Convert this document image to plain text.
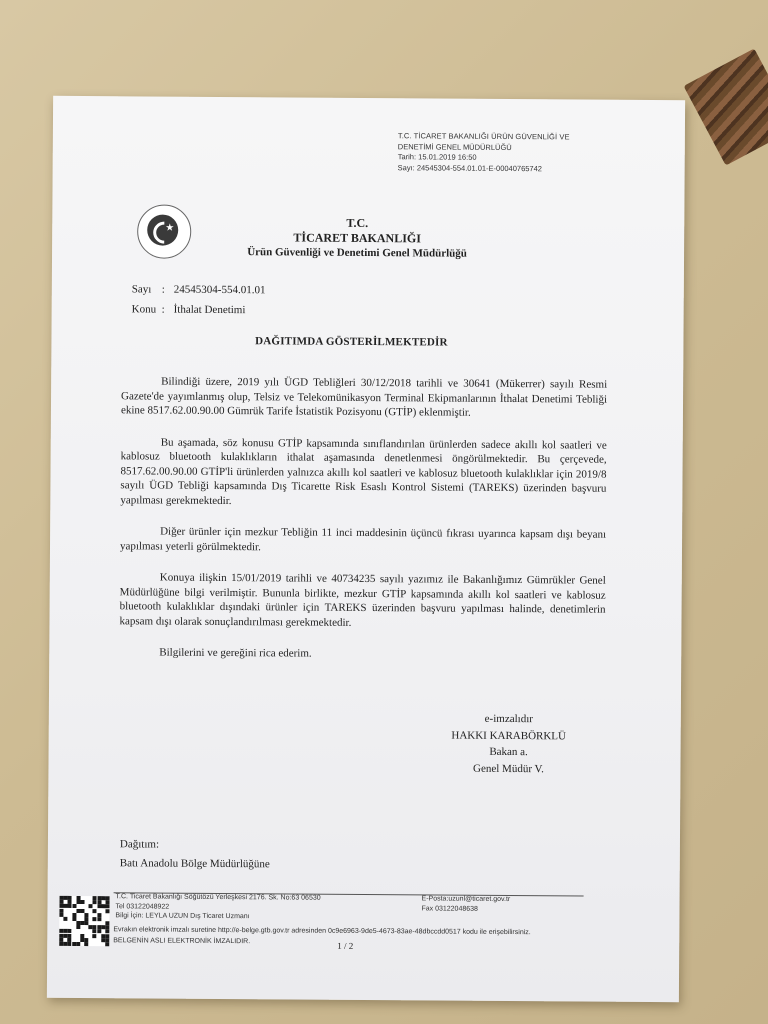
T.C. TİCARET BAKANLIĞI ÜRÜN GÜVENLİĞİ VE
DENETİMİ GENEL MÜDÜRLÜĞÜ
Tarih: 15.01.2019 16:50
Sayı: 24545304-554.01.01-E-00040765742
★	T.C.
TİCARET BAKANLIĞI
Ürün Güvenliği ve Denetimi Genel Müdürlüğü
Sayı : 24545304-554.01.01
Konu : İthalat Denetimi
DAĞITIMDA GÖSTERİLMEKTEDİR

Bilindiği üzere, 2019 yılı ÜGD Tebliğleri 30/12/2018 tarihli ve 30641 (Mükerrer) sayılı Resmi Gazete'de yayımlanmış olup, Telsiz ve Telekomünikasyon Terminal Ekipmanlarının İthalat Denetimi Tebliği ekine 8517.62.00.90.00 Gümrük Tarife İstatistik Pozisyonu (GTİP) eklenmiştir.

Bu aşamada, söz konusu GTİP kapsamında sınıflandırılan ürünlerden sadece akıllı kol saatleri ve kablosuz bluetooth kulaklıkların ithalat aşamasında denetlenmesi öngörülmektedir. Bu çerçevede, 8517.62.00.90.00 GTİP'li ürünlerden yalnızca akıllı kol saatleri ve kablosuz bluetooth kulaklıklar için 2019/8 sayılı ÜGD Tebliği kapsamında Dış Ticarette Risk Esaslı Kontrol Sistemi (TAREKS) üzerinden başvuru yapılması gerekmektedir.

Diğer ürünler için mezkur Tebliğin 11 inci maddesinin üçüncü fıkrası uyarınca kapsam dışı beyanı yapılması yeterli görülmektedir.

Konuya ilişkin 15/01/2019 tarihli ve 40734235 sayılı yazımız ile Bakanlığımız Gümrükler Genel Müdürlüğüne bilgi verilmiştir. Bununla birlikte, mezkur GTİP kapsamında akıllı kol saatleri ve kablosuz bluetooth kulaklıklar dışındaki ürünler için TAREKS üzerinden başvuru yapılması halinde, denetimlerin kapsam dışı olarak sonuçlandırılması gerekmektedir.

Bilgilerini ve gereğini rica ederim.

e-imzalıdır
HAKKI KARABÖRKLÜ
Bakan a.
Genel Müdür V.
Dağıtım:
Batı Anadolu Bölge Müdürlüğüne
T.C. Ticaret Bakanlığı Söğütözü Yerleşkesi 2176. Sk. No:63 06530
Tel 03122048922
Bilgi İçin: LEYLA UZUN Dış Ticaret Uzmanı
E-Posta:uzunl@ticaret.gov.tr
Fax 03122048638
Evrakın elektronik imzalı suretine http://e-belge.gtb.gov.tr adresinden 0c9e6963-9de5-4673-83ae-48dbccdd0517 kodu ile erişebilirsiniz.
BELGENİN ASLI ELEKTRONİK İMZALIDIR.	1 / 2
